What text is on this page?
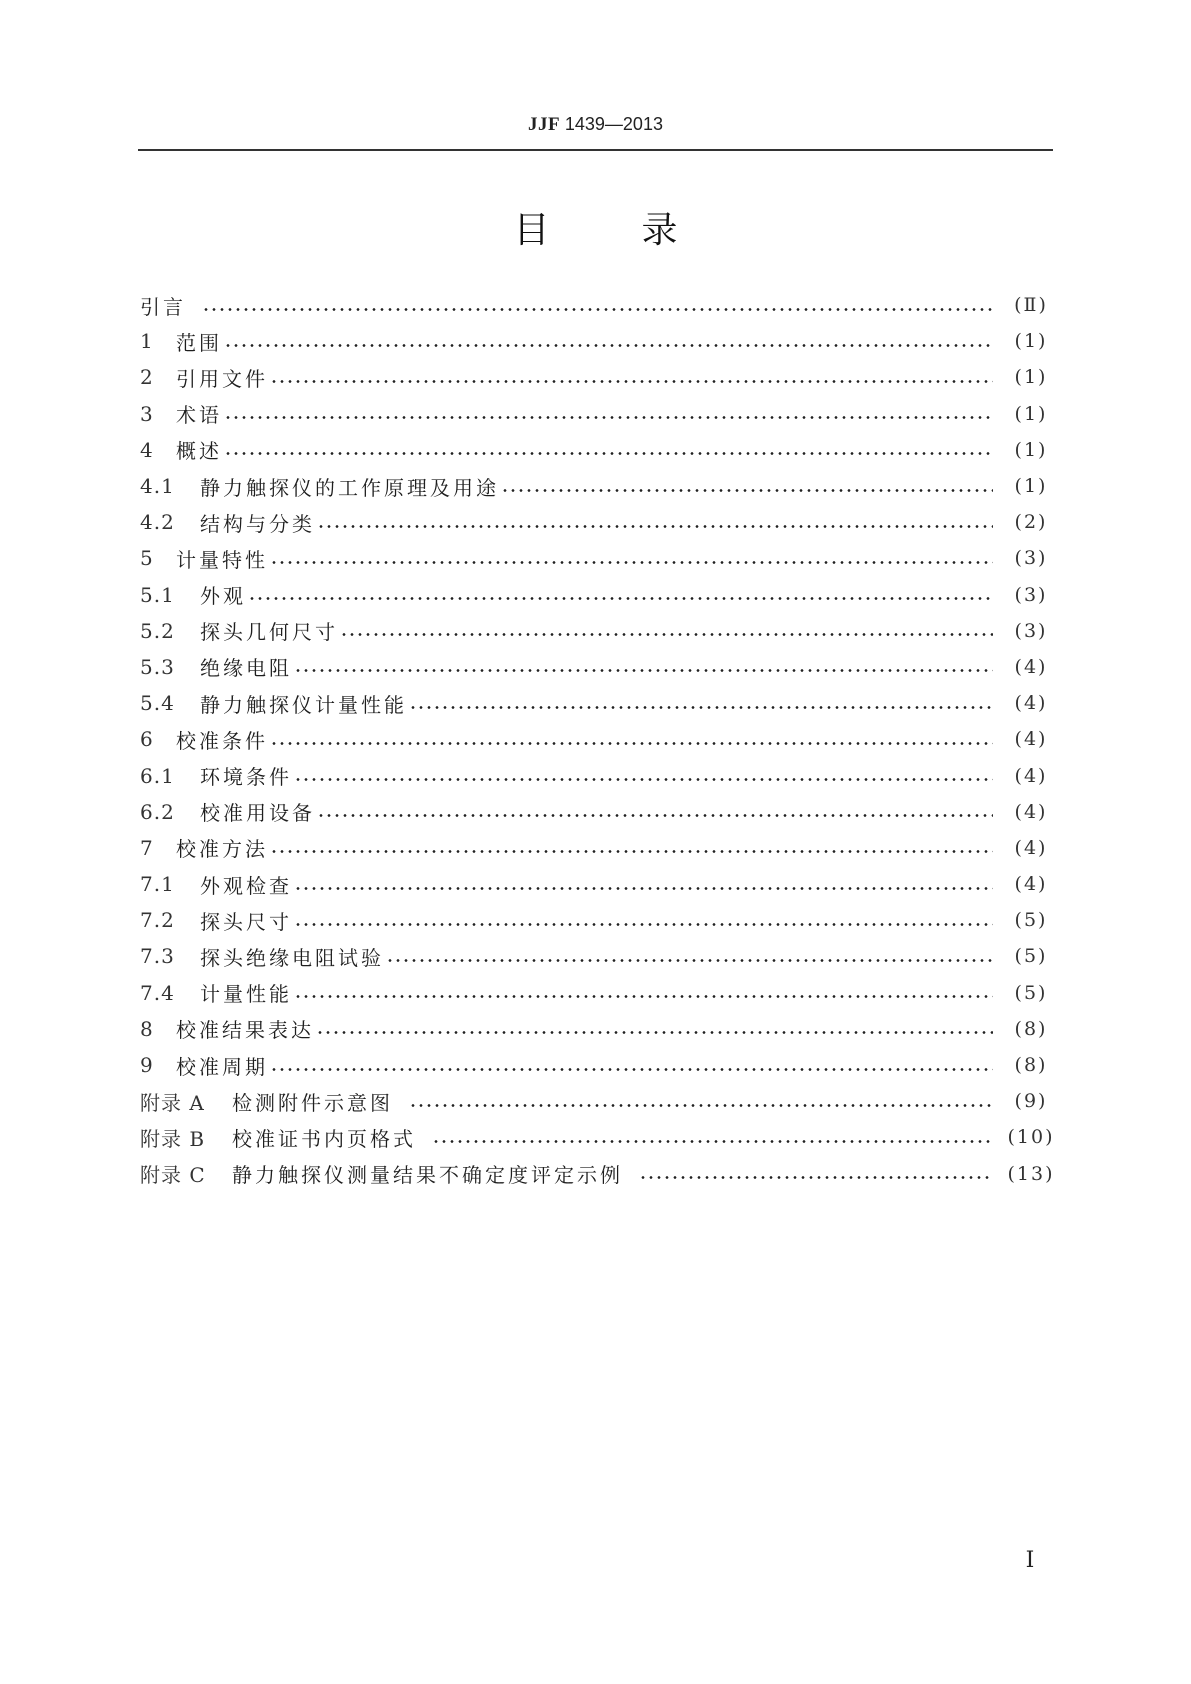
JJF 1439—2013
目	录
引言	(Ⅱ)
1	范围	(1)
2	引用文件	(1)
3	术语	(1)
4	概述	(1)
4.1	静力触探仪的工作原理及用途	(1)
4.2	结构与分类	(2)
5	计量特性	(3)
5.1	外观	(3)
5.2	探头几何尺寸	(3)
5.3	绝缘电阻	(4)
5.4	静力触探仪计量性能	(4)
6	校准条件	(4)
6.1	环境条件	(4)
6.2	校准用设备	(4)
7	校准方法	(4)
7.1	外观检查	(4)
7.2	探头尺寸	(5)
7.3	探头绝缘电阻试验	(5)
7.4	计量性能	(5)
8	校准结果表达	(8)
9	校准周期	(8)
附录 A	检测附件示意图	(9)
附录 B	校准证书内页格式	(10)
附录 C	静力触探仪测量结果不确定度评定示例	(13)
Ⅰ
